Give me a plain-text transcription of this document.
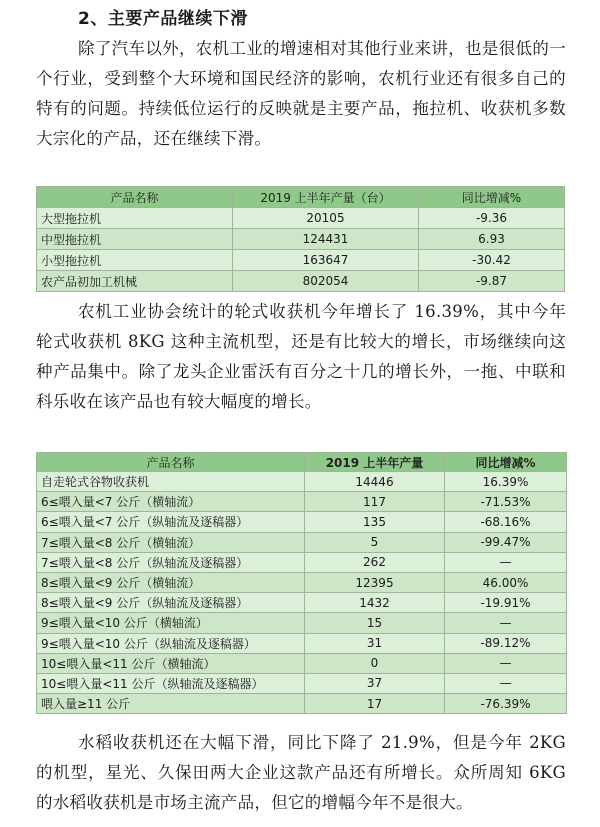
2、主要产品继续下滑

除了汽车以外，农机工业的增速相对其他行业来讲，也是很低的一个行业，受到整个大环境和国民经济的影响，农机行业还有很多自己的特有的问题。持续低位运行的反映就是主要产品，拖拉机、收获机多数大宗化的产品，还在继续下滑。

产品名称	2019 上半年产量（台）	同比增减%
大型拖拉机	20105	-9.36
中型拖拉机	124431	6.93
小型拖拉机	163647	-30.42
农产品初加工机械	802054	-9.87

农机工业协会统计的轮式收获机今年增长了 16.39%，其中今年轮式收获机 8KG 这种主流机型，还是有比较大的增长，市场继续向这种产品集中。除了龙头企业雷沃有百分之十几的增长外，一拖、中联和科乐收在该产品也有较大幅度的增长。

产品名称	2019 上半年产量	同比增减%
自走轮式谷物收获机	14446	16.39%
6≤喂入量<7 公斤（横轴流）	117	-71.53%
6≤喂入量<7 公斤（纵轴流及逐稿器）	135	-68.16%
7≤喂入量<8 公斤（横轴流）	5	-99.47%
7≤喂入量<8 公斤（纵轴流及逐稿器）	262	—
8≤喂入量<9 公斤（横轴流）	12395	46.00%
8≤喂入量<9 公斤（纵轴流及逐稿器）	1432	-19.91%
9≤喂入量<10 公斤（横轴流）	15	—
9≤喂入量<10 公斤（纵轴流及逐稿器）	31	-89.12%
10≤喂入量<11 公斤（横轴流）	0	—
10≤喂入量<11 公斤（纵轴流及逐稿器）	37	—
喂入量≥11 公斤	17	-76.39%

水稻收获机还在大幅下滑，同比下降了 21.9%，但是今年 2KG 的机型，星光、久保田两大企业这款产品还有所增长。众所周知 6KG 的水稻收获机是市场主流产品，但它的增幅今年不是很大。
